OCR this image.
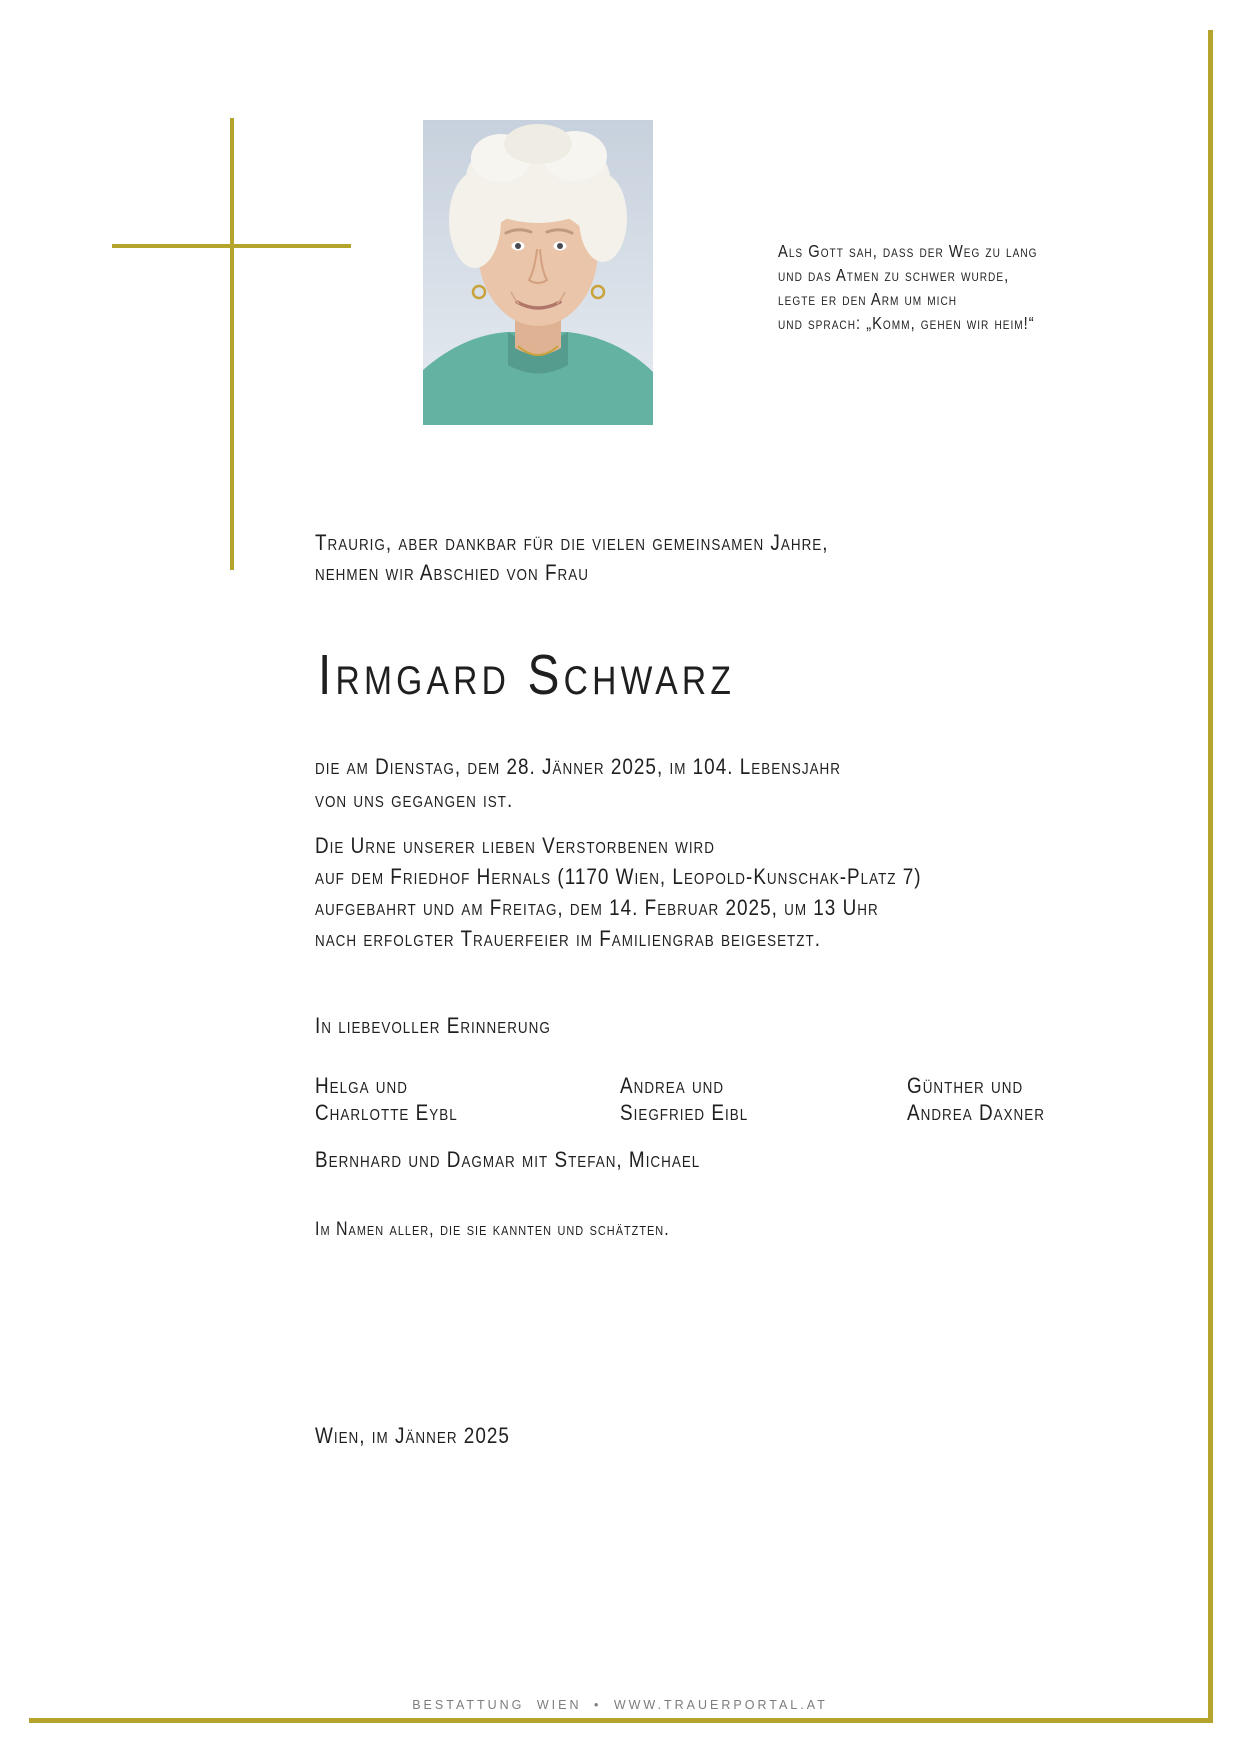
Als Gott sah, dass der Weg zu lang
und das Atmen zu schwer wurde,
legte er den Arm um mich
und sprach: „Komm, gehen wir heim!“
Traurig, aber dankbar für die vielen gemeinsamen Jahre,
nehmen wir Abschied von Frau
Irmgard Schwarz
die am Dienstag, dem 28. Jänner 2025, im 104. Lebensjahr
von uns gegangen ist.
Die Urne unserer lieben Verstorbenen wird
auf dem Friedhof Hernals (1170 Wien, Leopold-Kunschak-Platz 7)
aufgebahrt und am Freitag, dem 14. Februar 2025, um 13 Uhr
nach erfolgter Trauerfeier im Familiengrab beigesetzt.
In liebevoller Erinnerung
Helga und
Charlotte Eybl
Andrea und
Siegfried Eibl
Günther und
Andrea Daxner
Bernhard und Dagmar mit Stefan, Michael
Im Namen aller, die sie kannten und schätzten.
Wien, im Jänner 2025
BESTATTUNG WIEN • WWW.TRAUERPORTAL.AT
